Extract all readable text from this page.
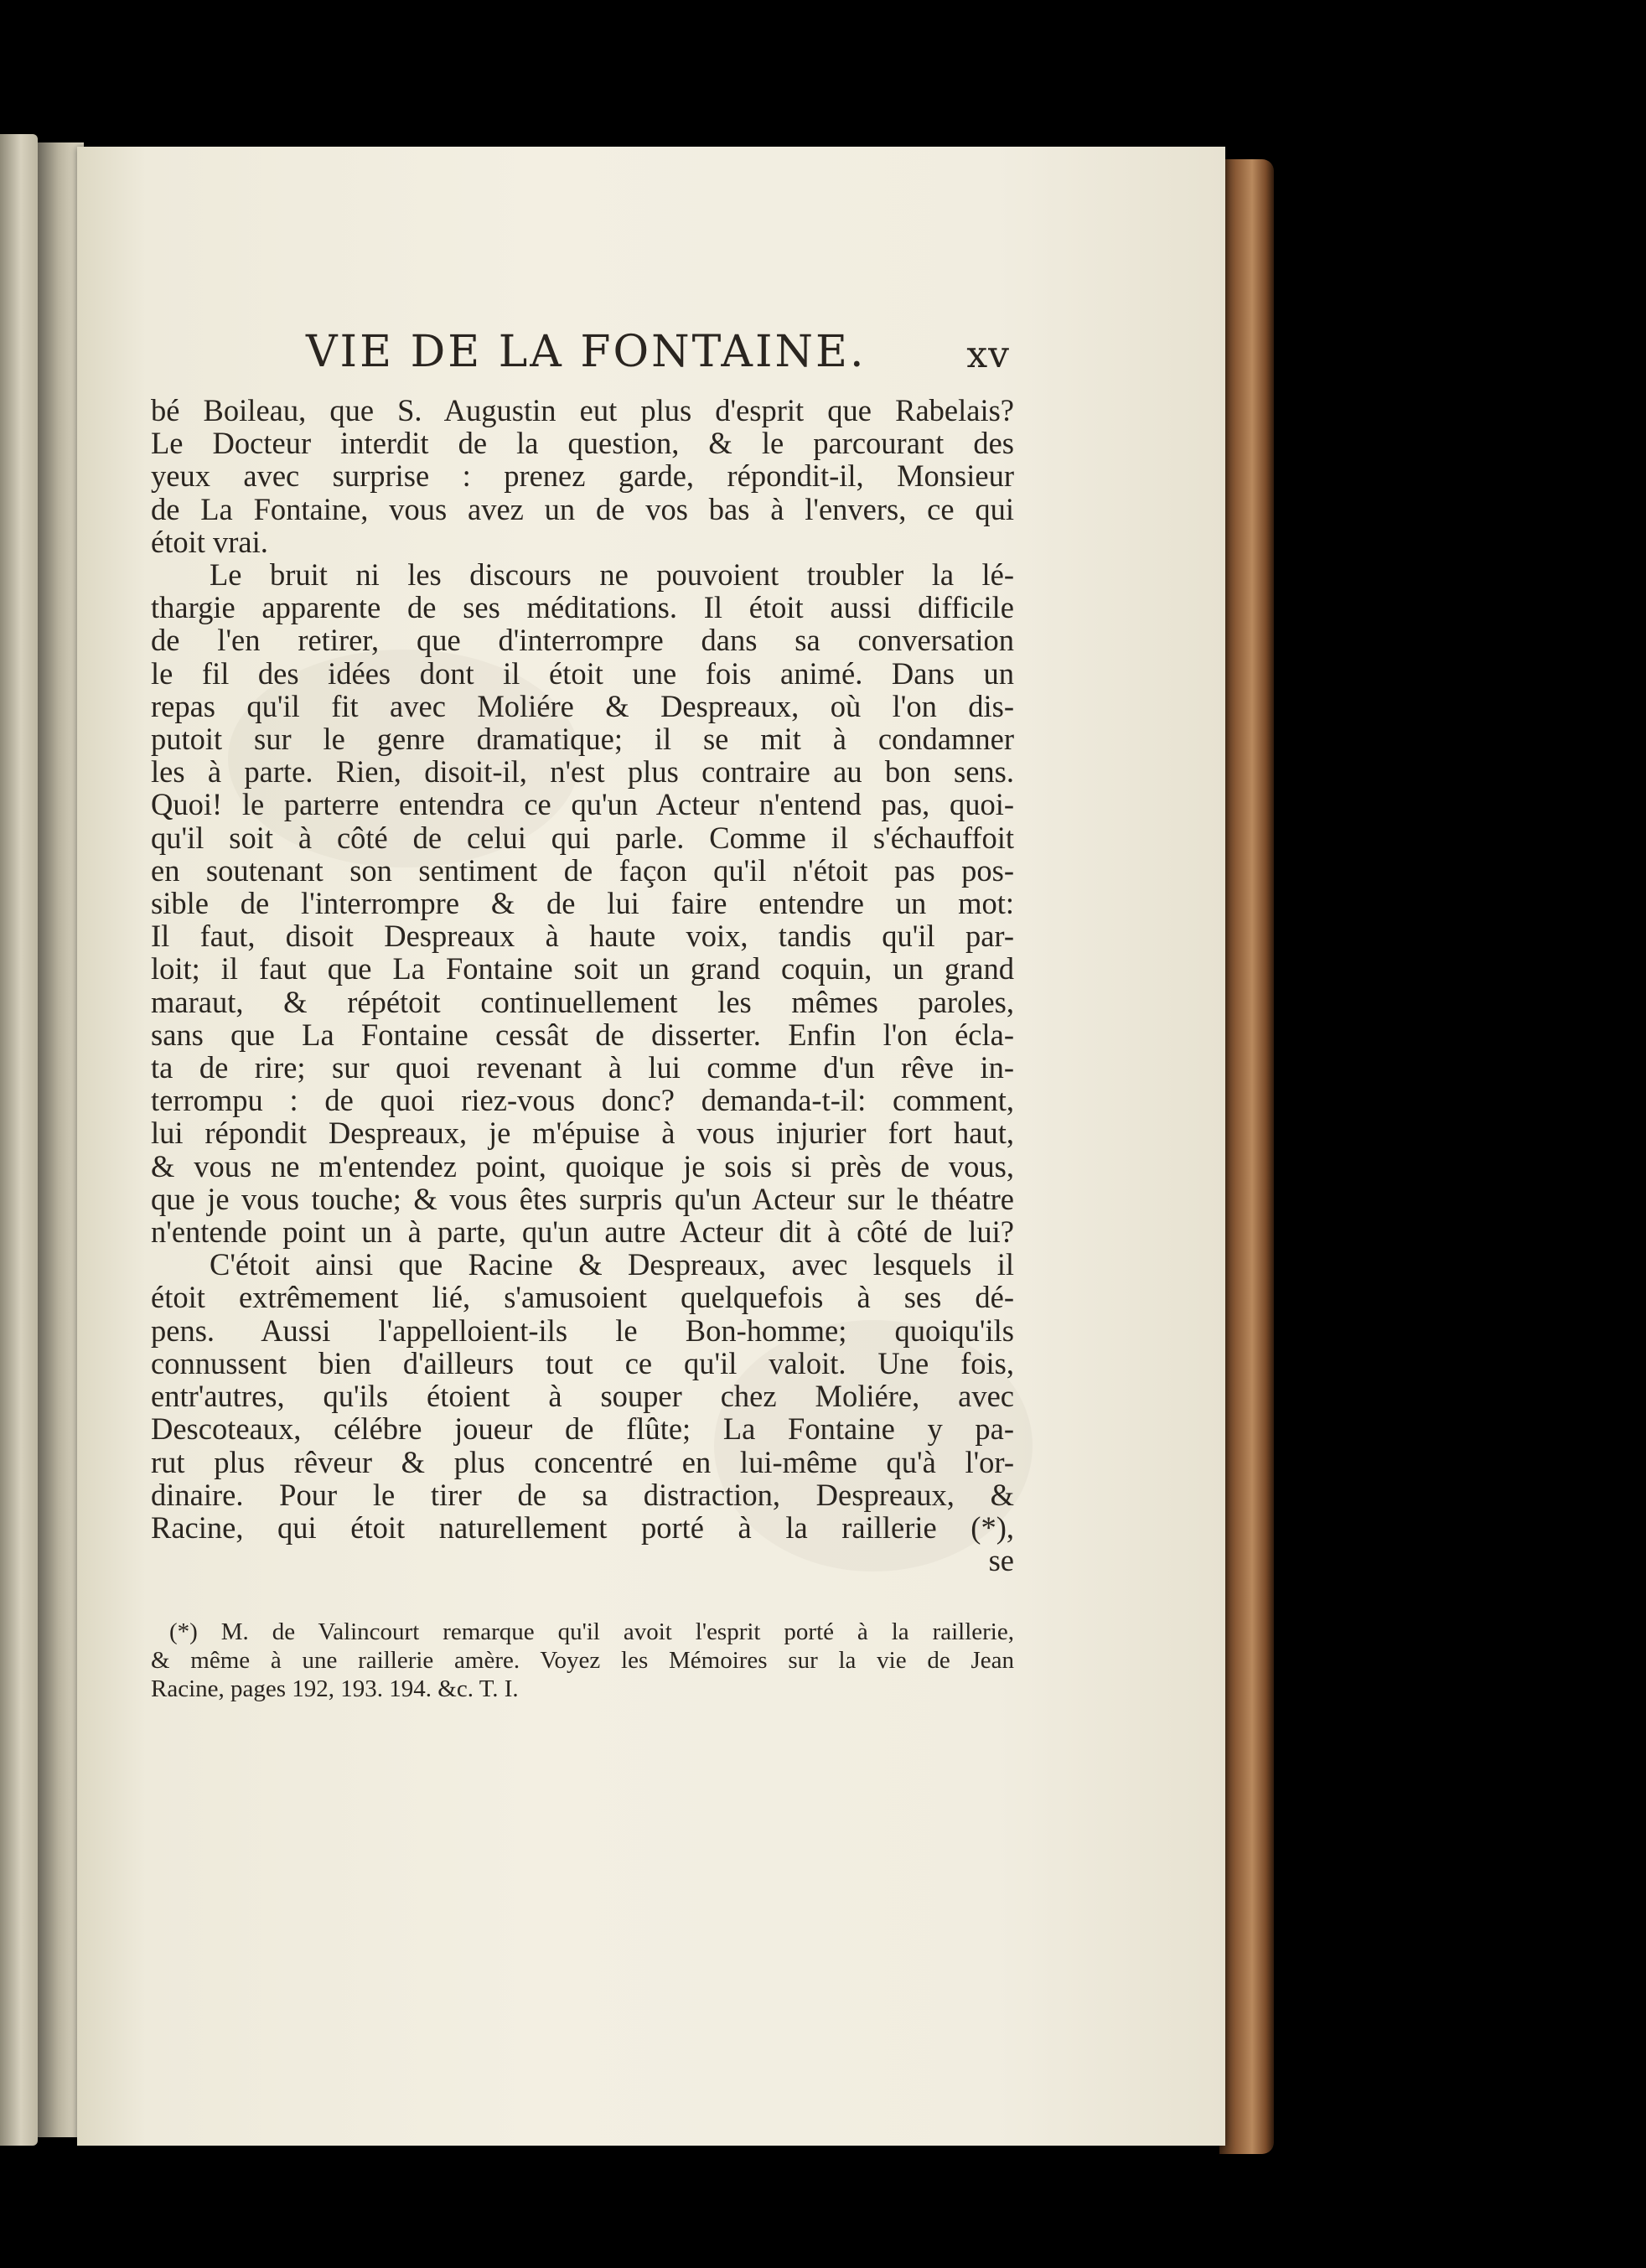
VIE DE LA FONTAINE.	xv
bé Boileau, que S. Augustin eut plus d'esprit que Rabelais?
Le Docteur interdit de la question, & le parcourant des
yeux avec surprise : prenez garde, répondit-il, Monsieur
de La Fontaine, vous avez un de vos bas à l'envers, ce qui
étoit vrai.
Le bruit ni les discours ne pouvoient troubler la lé-
thargie apparente de ses méditations. Il étoit aussi difficile
de l'en retirer, que d'interrompre dans sa conversation
le fil des idées dont il étoit une fois animé. Dans un
repas qu'il fit avec Moliére & Despreaux, où l'on dis-
putoit sur le genre dramatique; il se mit à condamner
les à parte. Rien, disoit-il, n'est plus contraire au bon sens.
Quoi! le parterre entendra ce qu'un Acteur n'entend pas, quoi-
qu'il soit à côté de celui qui parle. Comme il s'échauffoit
en soutenant son sentiment de façon qu'il n'étoit pas pos-
sible de l'interrompre & de lui faire entendre un mot:
Il faut, disoit Despreaux à haute voix, tandis qu'il par-
loit; il faut que La Fontaine soit un grand coquin, un grand
maraut, & répétoit continuellement les mêmes paroles,
sans que La Fontaine cessât de disserter. Enfin l'on écla-
ta de rire; sur quoi revenant à lui comme d'un rêve in-
terrompu : de quoi riez-vous donc? demanda-t-il: comment,
lui répondit Despreaux, je m'épuise à vous injurier fort haut,
& vous ne m'entendez point, quoique je sois si près de vous,
que je vous touche; & vous êtes surpris qu'un Acteur sur le théatre
n'entende point un à parte, qu'un autre Acteur dit à côté de lui?
C'étoit ainsi que Racine & Despreaux, avec lesquels il
étoit extrêmement lié, s'amusoient quelquefois à ses dé-
pens. Aussi l'appelloient-ils le Bon-homme; quoiqu'ils
connussent bien d'ailleurs tout ce qu'il valoit. Une fois,
entr'autres, qu'ils étoient à souper chez Moliére, avec
Descoteaux, célébre joueur de flûte; La Fontaine y pa-
rut plus rêveur & plus concentré en lui-même qu'à l'or-
dinaire. Pour le tirer de sa distraction, Despreaux, &
Racine, qui étoit naturellement porté à la raillerie (*),
se
(*) M. de Valincourt remarque qu'il avoit l'esprit porté à la raillerie,
& même à une raillerie amère. Voyez les Mémoires sur la vie de Jean
Racine, pages 192, 193. 194. &c. T. I.
